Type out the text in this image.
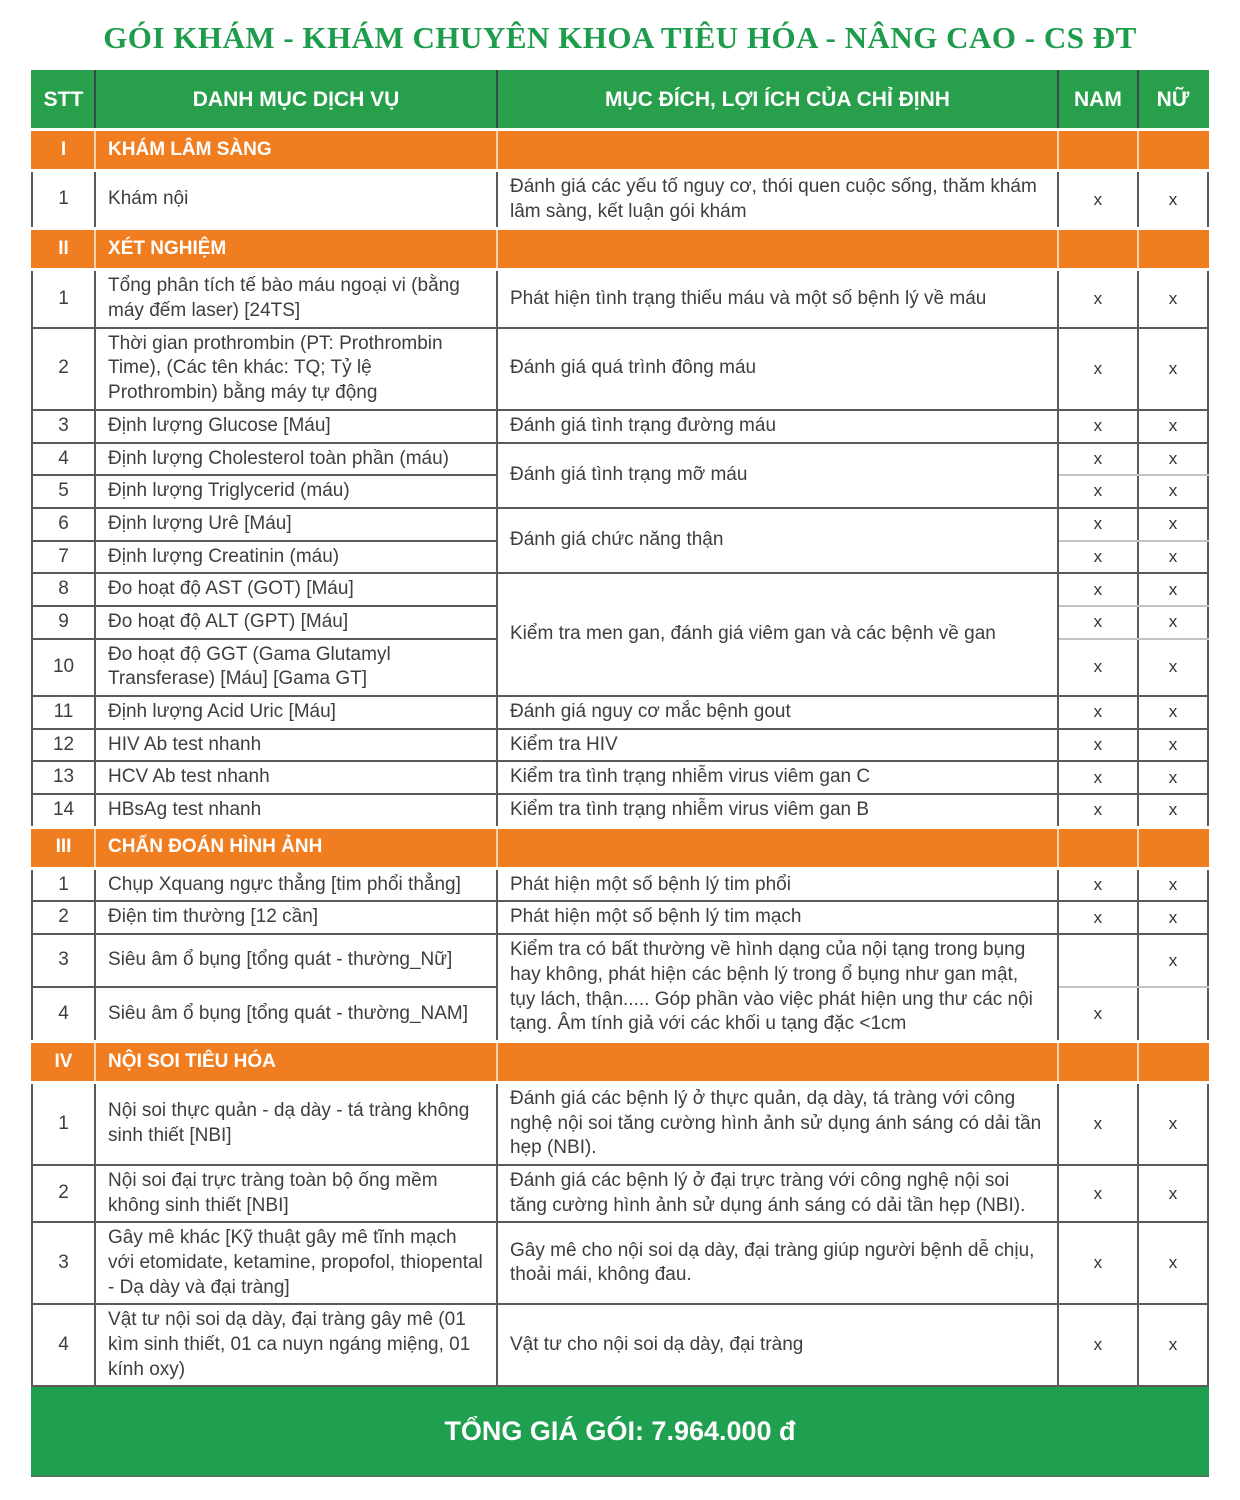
GÓI KHÁM - KHÁM CHUYÊN KHOA TIÊU HÓA - NÂNG CAO - CS ĐT
STT	DANH MỤC DỊCH VỤ	MỤC ĐÍCH, LỢI ÍCH CỦA CHỈ ĐỊNH	NAM	NỮ
I	KHÁM LÂM SÀNG			
1	Khám nội	Đánh giá các yếu tố nguy cơ, thói quen cuộc sống, thăm khám lâm sàng, kết luận gói khám	x	x
II	XÉT NGHIỆM			
1	Tổng phân tích tế bào máu ngoại vi (bằng máy đếm laser) [24TS]	Phát hiện tình trạng thiếu máu và một số bệnh lý về máu	x	x
2	Thời gian prothrombin (PT: Prothrombin Time), (Các tên khác: TQ; Tỷ lệ Prothrombin) bằng máy tự động	Đánh giá quá trình đông máu	x	x
3	Định lượng Glucose [Máu]	Đánh giá tình trạng đường máu	x	x
4	Định lượng Cholesterol toàn phần (máu)	Đánh giá tình trạng mỡ máu	x	x
5	Định lượng Triglycerid (máu)		x	x
6	Định lượng Urê [Máu]	Đánh giá chức năng thận	x	x
7	Định lượng Creatinin (máu)		x	x
8	Đo hoạt độ AST (GOT) [Máu]	Kiểm tra men gan, đánh giá viêm gan và các bệnh về gan	x	x
9	Đo hoạt độ ALT (GPT) [Máu]		x	x
10	Đo hoạt độ GGT (Gama Glutamyl Transferase) [Máu] [Gama GT]		x	x
11	Định lượng Acid Uric [Máu]	Đánh giá nguy cơ mắc bệnh gout	x	x
12	HIV Ab test nhanh	Kiểm tra HIV	x	x
13	HCV Ab test nhanh	Kiểm tra tình trạng nhiễm virus viêm gan C	x	x
14	HBsAg test nhanh	Kiểm tra tình trạng nhiễm virus viêm gan B	x	x
III	CHẨN ĐOÁN HÌNH ẢNH			
1	Chụp Xquang ngực thẳng [tim phổi thẳng]	Phát hiện một số bệnh lý tim phổi	x	x
2	Điện tim thường [12 cần]	Phát hiện một số bệnh lý tim mạch	x	x
3	Siêu âm ổ bụng [tổng quát - thường_Nữ]	Kiểm tra có bất thường về hình dạng của nội tạng trong bụng hay không, phát hiện các bệnh lý trong ổ bụng như gan mật, tụy lách, thận..... Góp phần vào việc phát hiện ung thư các nội tạng. Âm tính giả với các khối u tạng đặc <1cm		x
4	Siêu âm ổ bụng [tổng quát - thường_NAM]		x	
IV	NỘI SOI TIÊU HÓA			
1	Nội soi thực quản - dạ dày - tá tràng không sinh thiết [NBI]	Đánh giá các bệnh lý ở thực quản, dạ dày, tá tràng với công nghệ nội soi tăng cường hình ảnh sử dụng ánh sáng có dải tần hẹp (NBI).	x	x
2	Nội soi đại trực tràng toàn bộ ống mềm không sinh thiết [NBI]	Đánh giá các bệnh lý ở đại trực tràng với công nghệ nội soi tăng cường hình ảnh sử dụng ánh sáng có dải tần hẹp (NBI).	x	x
3	Gây mê khác [Kỹ thuật gây mê tĩnh mạch với etomidate, ketamine, propofol, thiopental - Dạ dày và đại tràng]	Gây mê cho nội soi dạ dày, đại tràng giúp người bệnh dễ chịu, thoải mái, không đau.	x	x
4	Vật tư nội soi dạ dày, đại tràng gây mê (01 kìm sinh thiết, 01 ca nuyn ngáng miệng, 01 kính oxy)	Vật tư cho nội soi dạ dày, đại tràng	x	x
TỔNG GIÁ GÓI: 7.964.000 đ				
